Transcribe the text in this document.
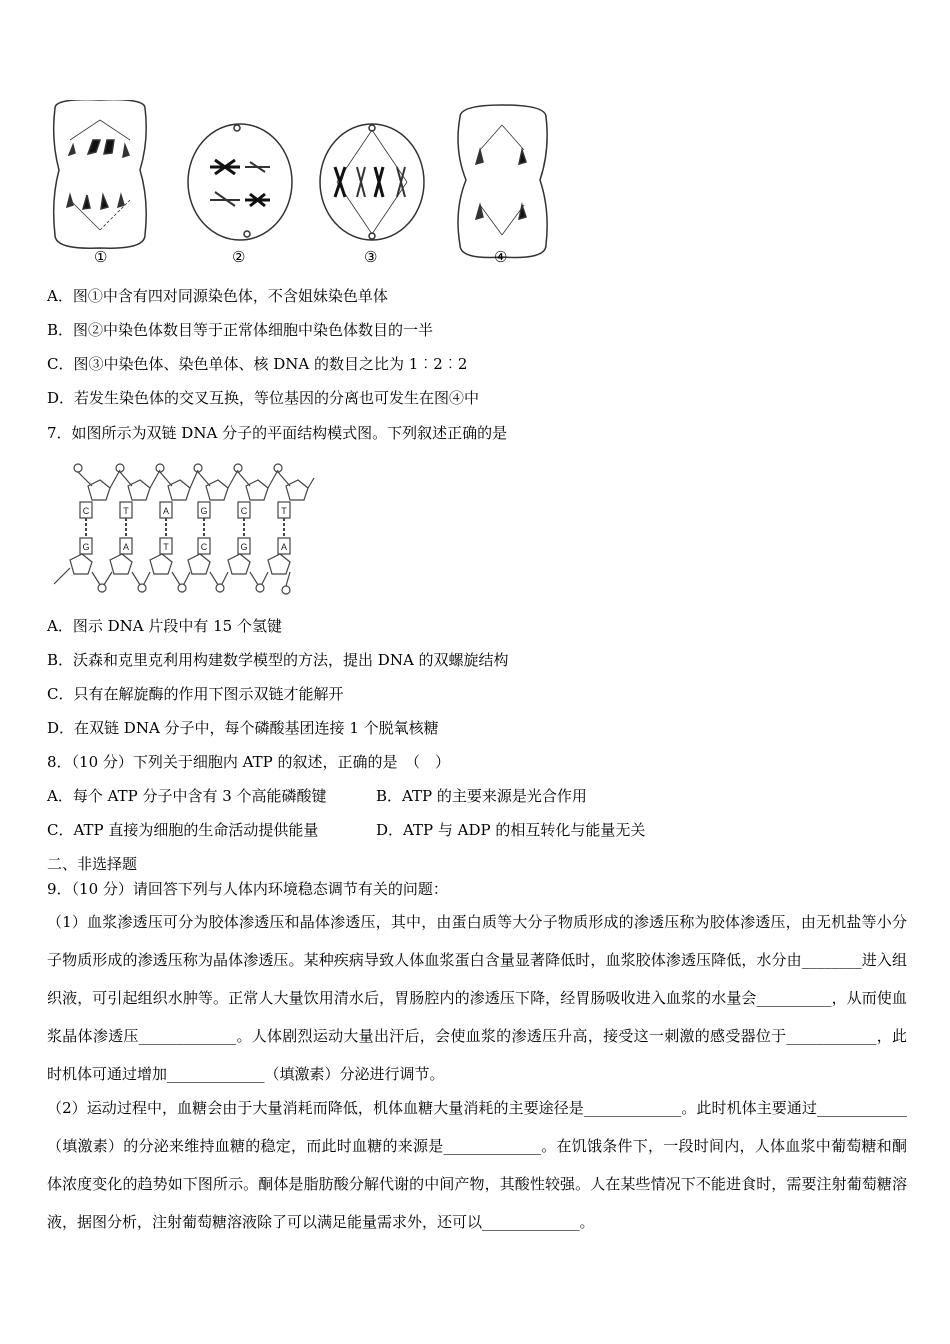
①	②	③	④
A．图①中含有四对同源染色体，不含姐妹染色单体
B．图②中染色体数目等于正常体细胞中染色体数目的一半
C．图③中染色体、染色单体、核 DNA 的数目之比为 1︰2︰2
D．若发生染色体的交叉互换，等位基因的分离也可发生在图④中
7．如图所示为双链 DNA 分子的平面结构模式图。下列叙述正确的是
C	T	A	G	C	T
G	A	T	C	G	A
A．图示 DNA 片段中有 15 个氢键
B．沃森和克里克利用构建数学模型的方法，提出 DNA 的双螺旋结构
C．只有在解旋酶的作用下图示双链才能解开
D．在双链 DNA 分子中，每个磷酸基团连接 1 个脱氧核糖
8．（10 分）下列关于细胞内 ATP 的叙述，正确的是　（　）
A．每个 ATP 分子中含有 3 个高能磷酸键	B．ATP 的主要来源是光合作用
C．ATP 直接为细胞的生命活动提供能量	D．ATP 与 ADP 的相互转化与能量无关
二、非选择题
9．（10 分）请回答下列与人体内环境稳态调节有关的问题：
（1）血浆渗透压可分为胶体渗透压和晶体渗透压，其中，由蛋白质等大分子物质形成的渗透压称为胶体渗透压，由无机盐等小分子物质形成的渗透压称为晶体渗透压。某种疾病导致人体血浆蛋白含量显著降低时，血浆胶体渗透压降低，水分由________进入组织液，可引起组织水肿等。正常人大量饮用清水后，胃肠腔内的渗透压下降，经胃肠吸收进入血浆的水量会__________，从而使血浆晶体渗透压_____________。人体剧烈运动大量出汗后，会使血浆的渗透压升高，接受这一刺激的感受器位于____________，此时机体可通过增加_____________（填激素）分泌进行调节。
（2）运动过程中，血糖会由于大量消耗而降低，机体血糖大量消耗的主要途径是_____________。此时机体主要通过____________（填激素）的分泌来维持血糖的稳定，而此时血糖的来源是_____________。在饥饿条件下，一段时间内，人体血浆中葡萄糖和酮体浓度变化的趋势如下图所示。酮体是脂肪酸分解代谢的中间产物，其酸性较强。人在某些情况下不能进食时，需要注射葡萄糖溶液，据图分析，注射葡萄糖溶液除了可以满足能量需求外，还可以_____________。
